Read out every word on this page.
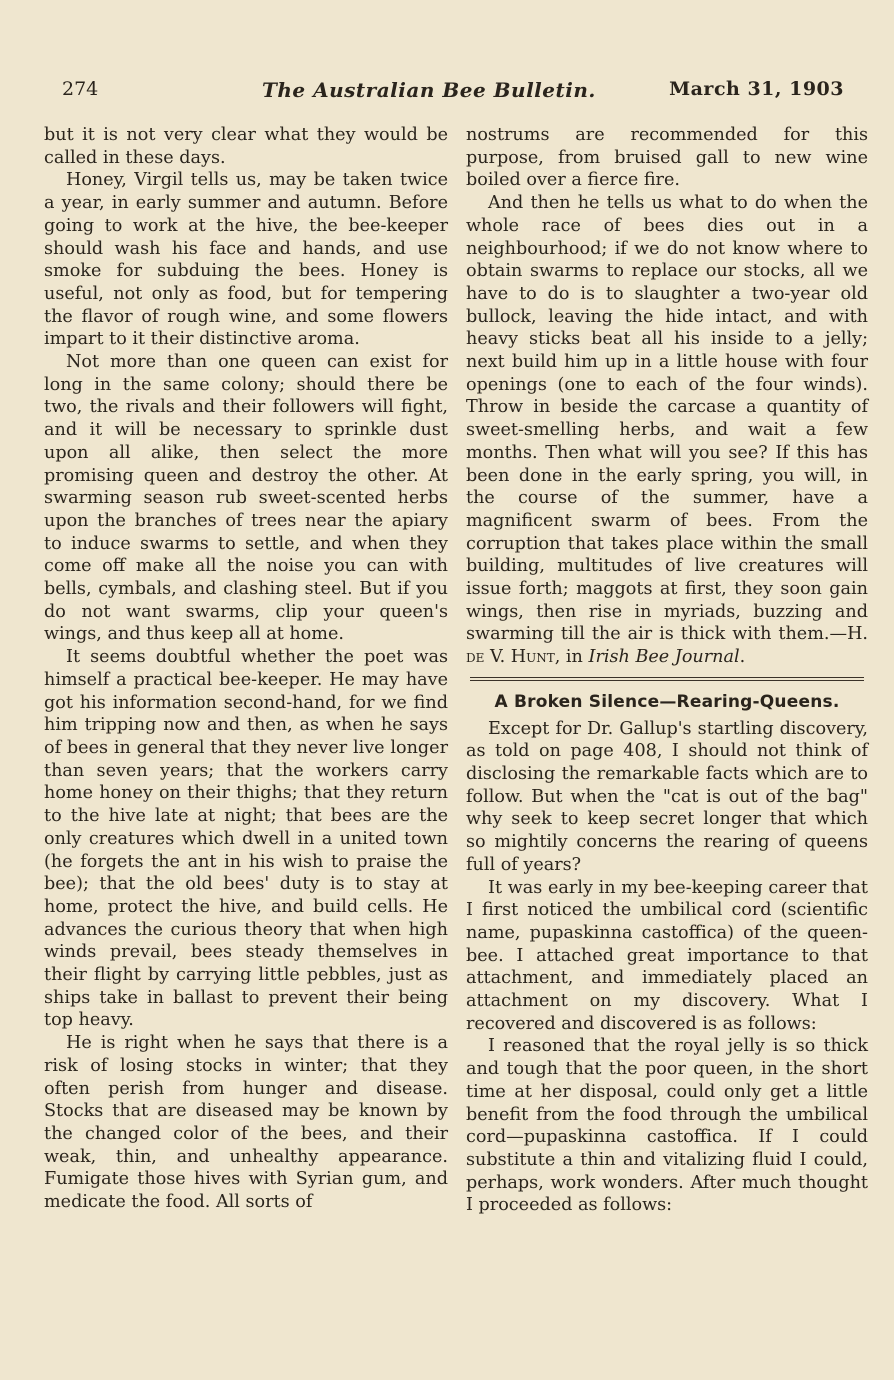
274	The Australian Bee Bulletin.	March 31, 1903

but it is not very clear what they would be called in these days.

Honey, Virgil tells us, may be taken twice a year, in early summer and autumn. Before going to work at the hive, the bee-keeper should wash his face and hands, and use smoke for subduing the bees. Honey is useful, not only as food, but for tempering the flavor of rough wine, and some flowers impart to it their distinctive aroma.

Not more than one queen can exist for long in the same colony; should there be two, the rivals and their followers will fight, and it will be necessary to sprinkle dust upon all alike, then select the more promising queen and destroy the other. At swarming season rub sweet-scented herbs upon the branches of trees near the apiary to induce swarms to settle, and when they come off make all the noise you can with bells, cymbals, and clashing steel. But if you do not want swarms, clip your queen's wings, and thus keep all at home.

It seems doubtful whether the poet was himself a practical bee-keeper. He may have got his information second-hand, for we find him tripping now and then, as when he says of bees in general that they never live longer than seven years; that the workers carry home honey on their thighs; that they return to the hive late at night; that bees are the only creatures which dwell in a united town (he forgets the ant in his wish to praise the bee); that the old bees' duty is to stay at home, protect the hive, and build cells. He advances the curious theory that when high winds prevail, bees steady themselves in their flight by carrying little pebbles, just as ships take in ballast to prevent their being top heavy.

He is right when he says that there is a risk of losing stocks in winter; that they often perish from hunger and disease. Stocks that are diseased may be known by the changed color of the bees, and their weak, thin, and unhealthy appearance. Fumigate those hives with Syrian gum, and medicate the food. All sorts of

nostrums are recommended for this purpose, from bruised gall to new wine boiled over a fierce fire.

And then he tells us what to do when the whole race of bees dies out in a neighbourhood; if we do not know where to obtain swarms to replace our stocks, all we have to do is to slaughter a two-year old bullock, leaving the hide intact, and with heavy sticks beat all his inside to a jelly; next build him up in a little house with four openings (one to each of the four winds). Throw in beside the carcase a quantity of sweet-smelling herbs, and wait a few months. Then what will you see? If this has been done in the early spring, you will, in the course of the summer, have a magnificent swarm of bees. From the corruption that takes place within the small building, multitudes of live creatures will issue forth; maggots at first, they soon gain wings, then rise in myriads, buzzing and swarming till the air is thick with them.—H. de V. Hunt, in Irish Bee Journal.

A Broken Silence—Rearing-Queens.

Except for Dr. Gallup's startling discovery, as told on page 408, I should not think of disclosing the remarkable facts which are to follow. But when the "cat is out of the bag" why seek to keep secret longer that which so mightily concerns the rearing of queens full of years?

It was early in my bee-keeping career that I first noticed the umbilical cord (scientific name, pupaskinna castoffica) of the queen-bee. I attached great importance to that attachment, and immediately placed an attachment on my discovery. What I recovered and discovered is as follows:

I reasoned that the royal jelly is so thick and tough that the poor queen, in the short time at her disposal, could only get a little benefit from the food through the umbilical cord—pupaskinna castoffica. If I could substitute a thin and vitalizing fluid I could, perhaps, work wonders. After much thought I proceeded as follows:
